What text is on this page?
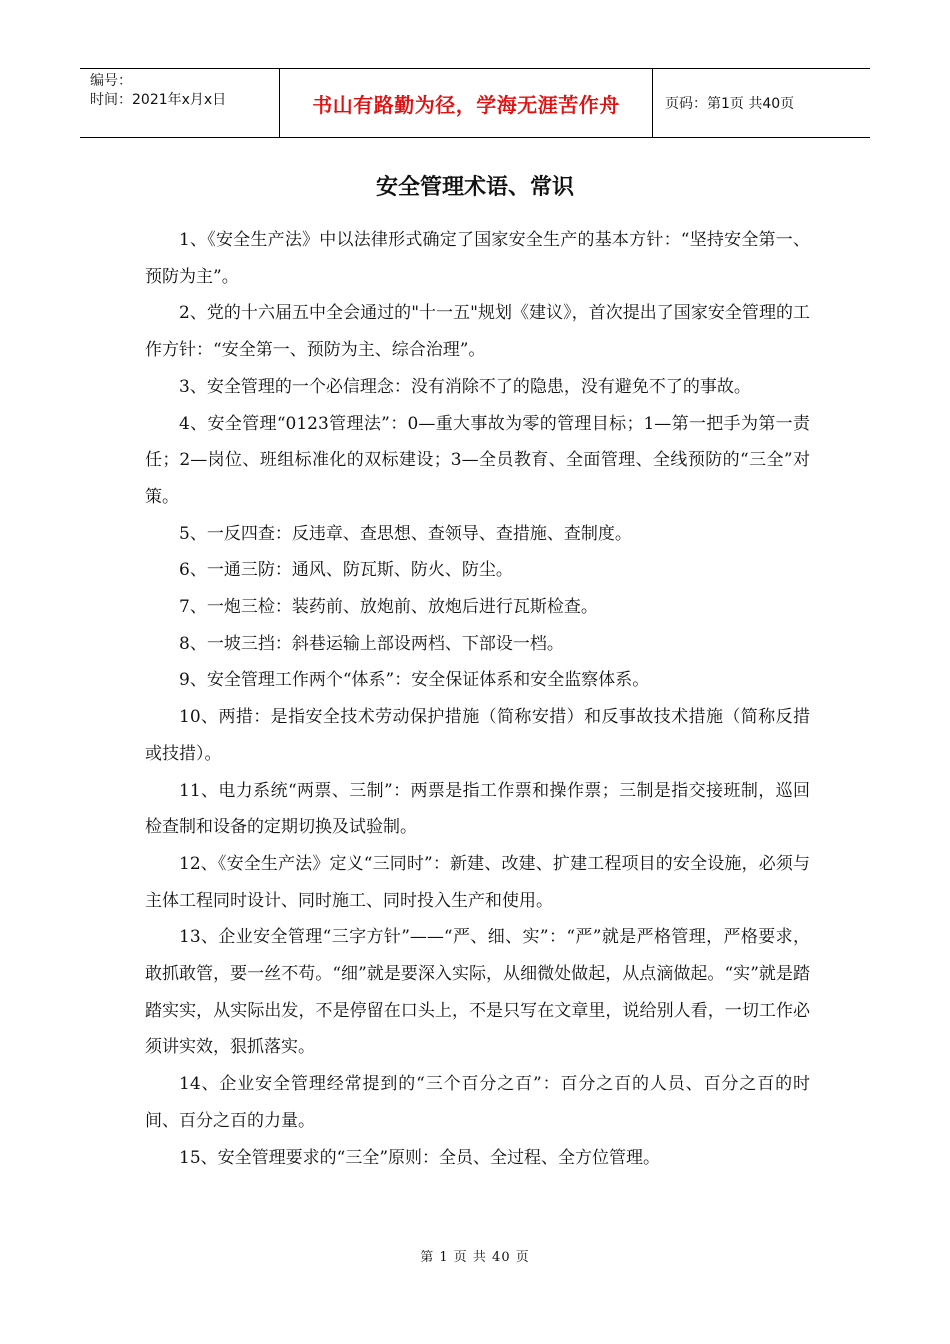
编号：
时间：2021年x月x日	书山有路勤为径，学海无涯苦作舟	页码：第1页 共40页
安全管理术语、常识

1、《安全生产法》中以法律形式确定了国家安全生产的基本方针：“坚持安全第一、预防为主”。

2、党的十六届五中全会通过的"十一五"规划《建议》，首次提出了国家安全管理的工作方针：“安全第一、预防为主、综合治理”。

3、安全管理的一个必信理念：没有消除不了的隐患，没有避免不了的事故。

4、安全管理“0123管理法”：0—重大事故为零的管理目标；1—第一把手为第一责任；2—岗位、班组标准化的双标建设；3—全员教育、全面管理、全线预防的“三全”对策。

5、一反四查：反违章、查思想、查领导、查措施、查制度。

6、一通三防：通风、防瓦斯、防火、防尘。

7、一炮三检：装药前、放炮前、放炮后进行瓦斯检查。

8、一坡三挡：斜巷运输上部设两档、下部设一档。

9、安全管理工作两个“体系”：安全保证体系和安全监察体系。

10、两措：是指安全技术劳动保护措施（简称安措）和反事故技术措施（简称反措或技措）。

11、电力系统“两票、三制”：两票是指工作票和操作票；三制是指交接班制，巡回检查制和设备的定期切换及试验制。

12、《安全生产法》定义“三同时”：新建、改建、扩建工程项目的安全设施，必须与主体工程同时设计、同时施工、同时投入生产和使用。

13、企业安全管理“三字方针”——“严、细、实”：“严”就是严格管理，严格要求，敢抓敢管，要一丝不苟。“细”就是要深入实际，从细微处做起，从点滴做起。“实”就是踏踏实实，从实际出发，不是停留在口头上，不是只写在文章里，说给别人看，一切工作必须讲实效，狠抓落实。

14、企业安全管理经常提到的“三个百分之百”：百分之百的人员、百分之百的时间、百分之百的力量。

15、安全管理要求的“三全”原则：全员、全过程、全方位管理。

第 1 页 共 40 页
